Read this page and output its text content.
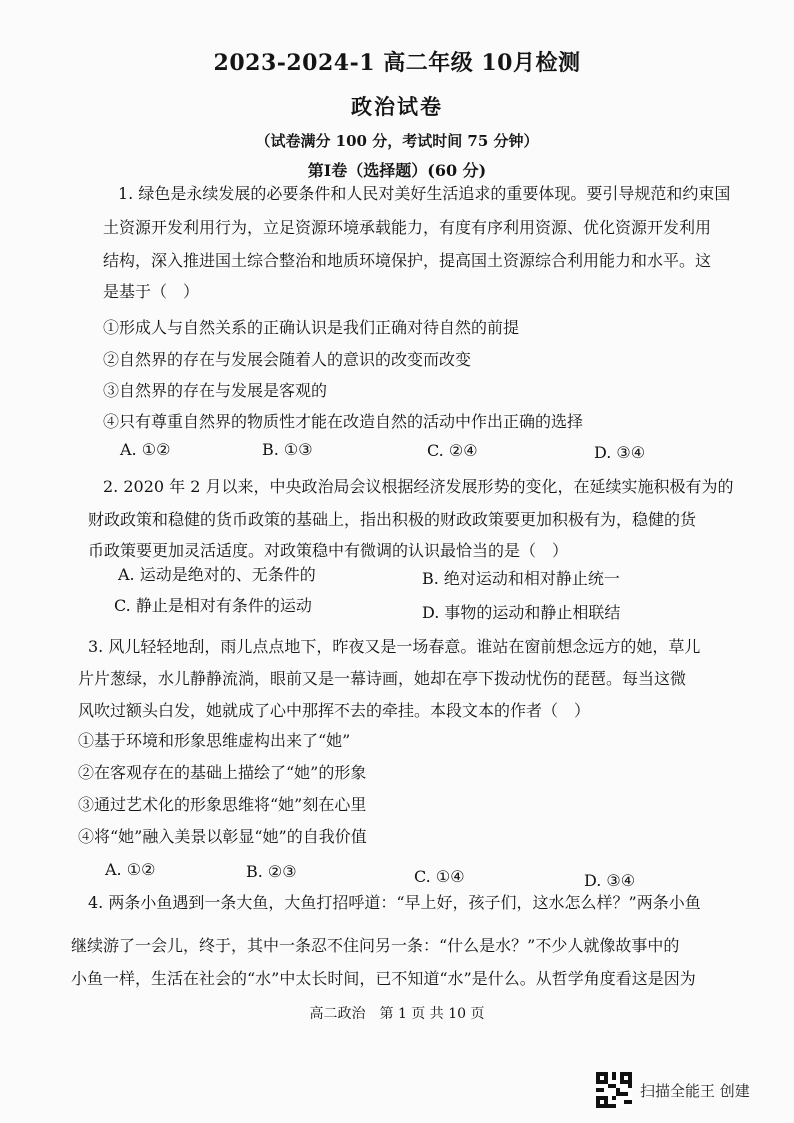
2023-2024-1 高二年级 10月检测
政治试卷
（试卷满分 100 分，考试时间 75 分钟）
第Ⅰ卷（选择题）(60 分)
1. 绿色是永续发展的必要条件和人民对美好生活追求的重要体现。要引导规范和约束国
土资源开发利用行为，立足资源环境承载能力，有度有序利用资源、优化资源开发利用
结构，深入推进国土综合整治和地质环境保护，提高国土资源综合利用能力和水平。这
是基于（　）
①形成人与自然关系的正确认识是我们正确对待自然的前提
②自然界的存在与发展会随着人的意识的改变而改变
③自然界的存在与发展是客观的
④只有尊重自然界的物质性才能在改造自然的活动中作出正确的选择
A. ①②	B. ①③	C. ②④	D. ③④
2. 2020 年 2 月以来，中央政治局会议根据经济发展形势的变化，在延续实施积极有为的
财政政策和稳健的货币政策的基础上，指出积极的财政政策要更加积极有为，稳健的货
币政策要更加灵活适度。对政策稳中有微调的认识最恰当的是（　）
A. 运动是绝对的、无条件的	B. 绝对运动和相对静止统一
C. 静止是相对有条件的运动	D. 事物的运动和静止相联结
3. 风儿轻轻地刮，雨儿点点地下，昨夜又是一场春意。谁站在窗前想念远方的她，草儿
片片葱绿，水儿静静流淌，眼前又是一幕诗画，她却在亭下拨动忧伤的琵琶。每当这微
风吹过额头白发，她就成了心中那挥不去的牵挂。本段文本的作者（　）
①基于环境和形象思维虚构出来了“她”
②在客观存在的基础上描绘了“她”的形象
③通过艺术化的形象思维将“她”刻在心里
④将“她”融入美景以彰显“她”的自我价值
A. ①②	B. ②③	C. ①④	D. ③④
4. 两条小鱼遇到一条大鱼，大鱼打招呼道：“早上好，孩子们，这水怎么样？”两条小鱼
继续游了一会儿，终于，其中一条忍不住问另一条：“什么是水？”不少人就像故事中的
小鱼一样，生活在社会的“水”中太长时间，已不知道“水”是什么。从哲学角度看这是因为
高二政治　第 1 页 共 10 页
扫描全能王 创建
